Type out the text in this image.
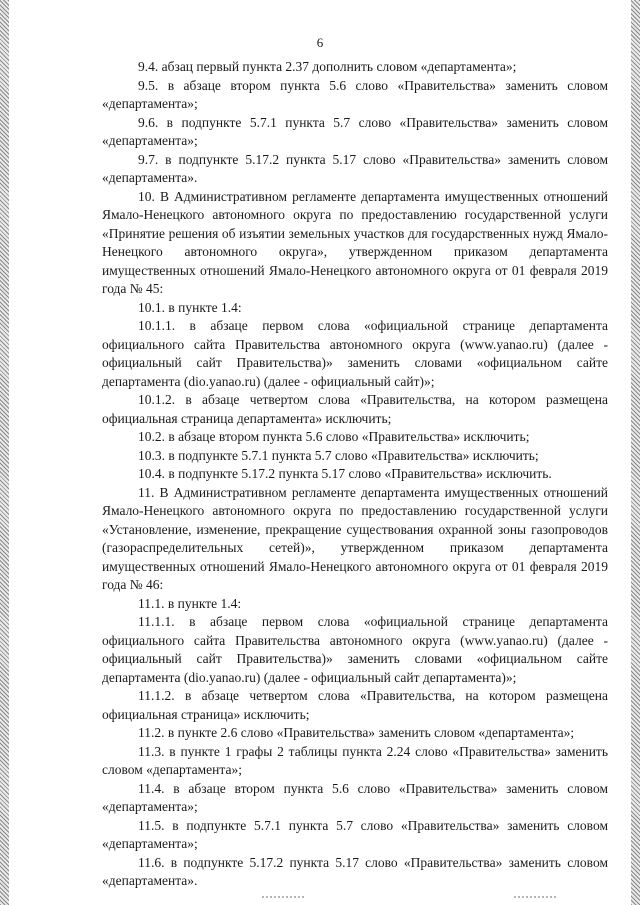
6

9.4. абзац первый пункта 2.37 дополнить словом «департамента»;

9.5. в абзаце втором пункта 5.6 слово «Правительства» заменить словом «департамента»;

9.6. в подпункте 5.7.1 пункта 5.7 слово «Правительства» заменить словом «департамента»;

9.7. в подпункте 5.17.2 пункта 5.17 слово «Правительства» заменить словом «департамента».

10. В Административном регламенте департамента имущественных отношений Ямало-Ненецкого автономного округа по предоставлению государственной услуги «Принятие решения об изъятии земельных участков для государственных нужд Ямало-Ненецкого автономного округа», утвержденном приказом департамента имущественных отношений Ямало-Ненецкого автономного округа от 01 февраля 2019 года № 45:

10.1. в пункте 1.4:

10.1.1. в абзаце первом слова «официальной странице департамента официального сайта Правительства автономного округа (www.yanao.ru) (далее - официальный сайт Правительства)» заменить словами «официальном сайте департамента (dio.yanao.ru) (далее - официальный сайт)»;

10.1.2. в абзаце четвертом слова «Правительства, на котором размещена официальная страница департамента» исключить;

10.2. в абзаце втором пункта 5.6 слово «Правительства» исключить;

10.3. в подпункте 5.7.1 пункта 5.7 слово «Правительства» исключить;

10.4. в подпункте 5.17.2 пункта 5.17 слово «Правительства» исключить.

11. В Административном регламенте департамента имущественных отношений Ямало-Ненецкого автономного округа по предоставлению государственной услуги «Установление, изменение, прекращение существования охранной зоны газопроводов (газораспределительных сетей)», утвержденном приказом департамента имущественных отношений Ямало-Ненецкого автономного округа от 01 февраля 2019 года № 46:

11.1. в пункте 1.4:

11.1.1. в абзаце первом слова «официальной странице департамента официального сайта Правительства автономного округа (www.yanao.ru) (далее - официальный сайт Правительства)» заменить словами «официальном сайте департамента (dio.yanao.ru) (далее - официальный сайт департамента)»;

11.1.2. в абзаце четвертом слова «Правительства, на котором размещена официальная страница» исключить;

11.2. в пункте 2.6 слово «Правительства» заменить словом «департамента»;

11.3. в пункте 1 графы 2 таблицы пункта 2.24 слово «Правительства» заменить словом «департамента»;

11.4. в абзаце втором пункта 5.6 слово «Правительства» заменить словом «департамента»;

11.5. в подпункте 5.7.1 пункта 5.7 слово «Правительства» заменить словом «департамента»;

11.6. в подпункте 5.17.2 пункта 5.17 слово «Правительства» заменить словом «департамента».
